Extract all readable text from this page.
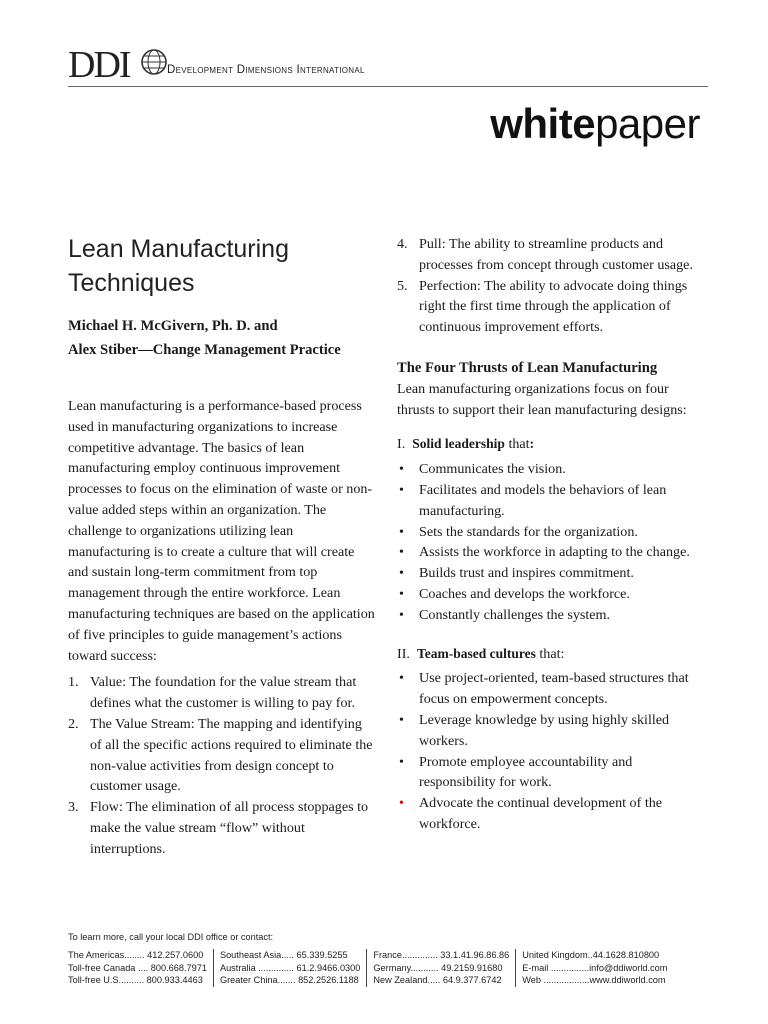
DDI	Development Dimensions International
whitepaper
Lean Manufacturing
Techniques
Michael H. McGivern, Ph. D. and
Alex Stiber—Change Management Practice

Lean manufacturing is a performance-based process used in manufacturing organizations to increase competitive advantage. The basics of lean manufacturing employ continuous improvement processes to focus on the elimination of waste or non-value added steps within an organization. The challenge to organizations utilizing lean manufacturing is to create a culture that will create and sustain long-term commitment from top management through the entire workforce. Lean manufacturing techniques are based on the application of five principles to guide management’s actions toward success:

1. Value: The foundation for the value stream that defines what the customer is willing to pay for.
2. The Value Stream: The mapping and identifying of all the specific actions required to eliminate the non-value activities from design concept to customer usage.
3. Flow: The elimination of all process stoppages to make the value stream “flow” without interruptions.
4. Pull: The ability to streamline products and processes from concept through customer usage.
5. Perfection: The ability to advocate doing things right the first time through the application of continuous improvement efforts.
The Four Thrusts of Lean Manufacturing

Lean manufacturing organizations focus on four thrusts to support their lean manufacturing designs:

I. Solid leadership that:
• Communicates the vision.
• Facilitates and models the behaviors of lean manufacturing.
• Sets the standards for the organization.
• Assists the workforce in adapting to the change.
• Builds trust and inspires commitment.
• Coaches and develops the workforce.
• Constantly challenges the system.
II. Team-based cultures that:
• Use project-oriented, team-based structures that focus on empowerment concepts.
• Leverage knowledge by using highly skilled workers.
• Promote employee accountability and responsibility for work.
• Advocate the continual development of the workforce.
To learn more, call your local DDI office or contact:
The Americas........ 412.257.0600
Toll-free Canada .... 800.668.7971
Toll-free U.S.......... 800.933.4463
Southeast Asia..... 65.339.5255
Australia .............. 61.2.9466.0300
Greater China....... 852.2526.1188
France.............. 33.1.41.96.86.86
Germany........... 49.2159.91680
New Zealand..... 64.9.377.6742
United Kingdom..44.1628.810800
E-mail ...............info@ddiworld.com
Web ..................www.ddiworld.com
